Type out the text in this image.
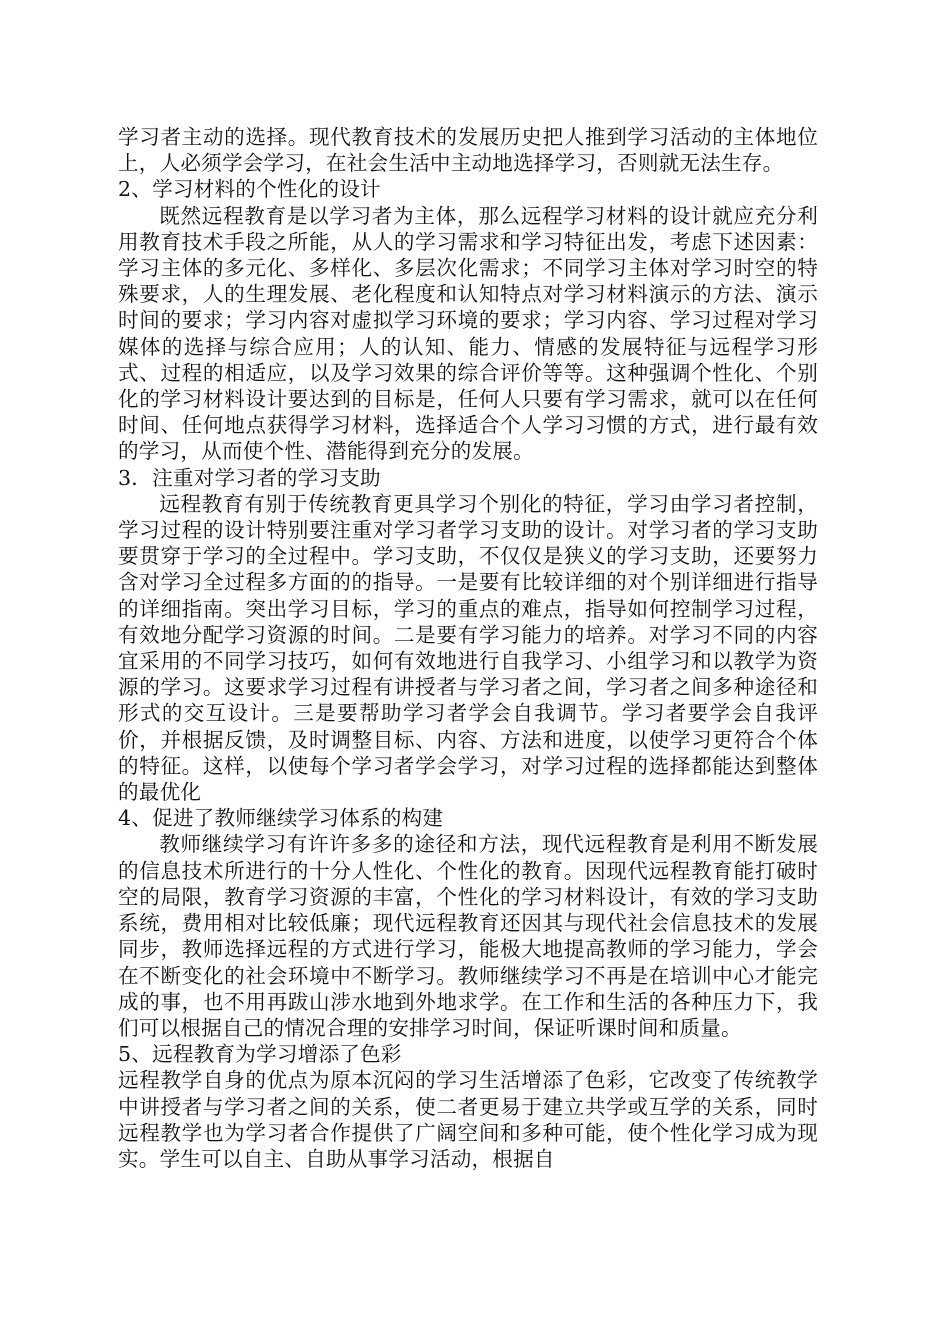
学习者主动的选择。现代教育技术的发展历史把人推到学习活动的主体地位上，人必须学会学习，在社会生活中主动地选择学习，否则就无法生存。

2、学习材料的个性化的设计

既然远程教育是以学习者为主体，那么远程学习材料的设计就应充分利用教育技术手段之所能，从人的学习需求和学习特征出发，考虑下述因素：学习主体的多元化、多样化、多层次化需求；不同学习主体对学习时空的特殊要求，人的生理发展、老化程度和认知特点对学习材料演示的方法、演示时间的要求；学习内容对虚拟学习环境的要求；学习内容、学习过程对学习媒体的选择与综合应用；人的认知、能力、情感的发展特征与远程学习形式、过程的相适应，以及学习效果的综合评价等等。这种强调个性化、个别化的学习材料设计要达到的目标是，任何人只要有学习需求，就可以在任何时间、任何地点获得学习材料，选择适合个人学习习惯的方式，进行最有效的学习，从而使个性、潜能得到充分的发展。

3．注重对学习者的学习支助

远程教育有别于传统教育更具学习个别化的特征，学习由学习者控制，学习过程的设计特别要注重对学习者学习支助的设计。对学习者的学习支助要贯穿于学习的全过程中。学习支助，不仅仅是狭义的学习支助，还要努力含对学习全过程多方面的的指导。一是要有比较详细的对个别详细进行指导的详细指南。突出学习目标，学习的重点的难点，指导如何控制学习过程，有效地分配学习资源的时间。二是要有学习能力的培养。对学习不同的内容宜采用的不同学习技巧，如何有效地进行自我学习、小组学习和以教学为资源的学习。这要求学习过程有讲授者与学习者之间，学习者之间多种途径和形式的交互设计。三是要帮助学习者学会自我调节。学习者要学会自我评价，并根据反馈，及时调整目标、内容、方法和进度，以使学习更符合个体的特征。这样，以使每个学习者学会学习，对学习过程的选择都能达到整体的最优化

4、促进了教师继续学习体系的构建

教师继续学习有许许多多的途径和方法，现代远程教育是利用不断发展的信息技术所进行的十分人性化、个性化的教育。因现代远程教育能打破时空的局限，教育学习资源的丰富，个性化的学习材料设计，有效的学习支助系统，费用相对比较低廉；现代远程教育还因其与现代社会信息技术的发展同步，教师选择远程的方式进行学习，能极大地提高教师的学习能力，学会在不断变化的社会环境中不断学习。教师继续学习不再是在培训中心才能完成的事，也不用再跋山涉水地到外地求学。在工作和生活的各种压力下，我们可以根据自己的情况合理的安排学习时间，保证听课时间和质量。

5、远程教育为学习增添了色彩

远程教学自身的优点为原本沉闷的学习生活增添了色彩，它改变了传统教学中讲授者与学习者之间的关系，使二者更易于建立共学或互学的关系，同时远程教学也为学习者合作提供了广阔空间和多种可能，使个性化学习成为现实。学生可以自主、自助从事学习活动，根据自
